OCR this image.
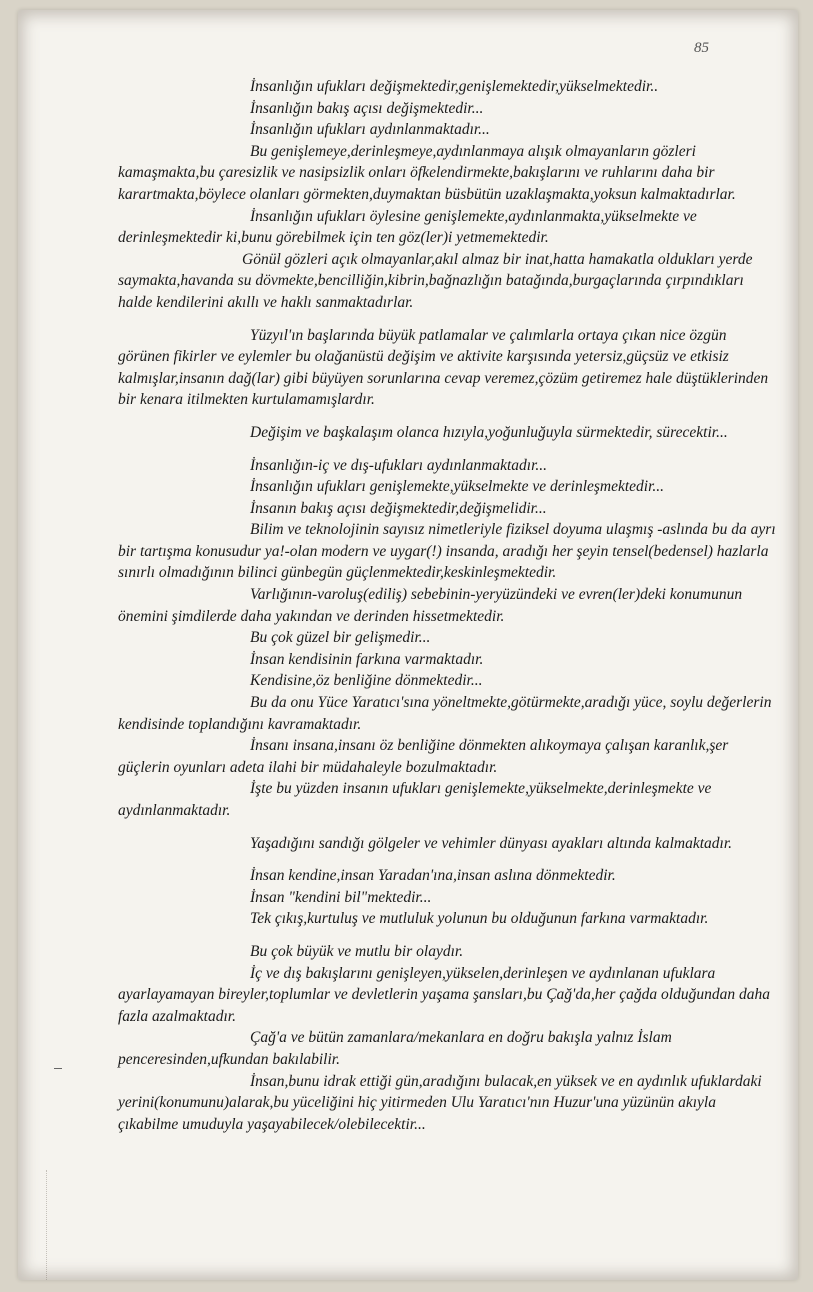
85

İnsanlığın ufukları değişmektedir,genişlemektedir,yükselmektedir..

İnsanlığın bakış açısı değişmektedir...

İnsanlığın ufukları aydınlanmaktadır...

Bu genişlemeye,derinleşmeye,aydınlanmaya alışık olmayanların gözleri kamaşmakta,bu çaresizlik ve nasipsizlik onları öfkelendirmekte,bakışlarını ve ruhlarını daha bir karartmakta,böylece olanları görmekten,duymaktan büsbütün uzaklaşmakta,yoksun kalmaktadırlar.

İnsanlığın ufukları öylesine genişlemekte,aydınlanmakta,yükselmekte ve derinleşmektedir ki,bunu görebilmek için ten göz(ler)i yetmemektedir.

Gönül gözleri açık olmayanlar,akıl almaz bir inat,hatta hamakatla oldukları yerde saymakta,havanda su dövmekte,bencilliğin,kibrin,bağnazlığın batağında,burgaçlarında çırpındıkları halde kendilerini akıllı ve haklı sanmaktadırlar.

Yüzyıl'ın başlarında büyük patlamalar ve çalımlarla ortaya çıkan nice özgün görünen fikirler ve eylemler bu olağanüstü değişim ve aktivite karşısında yetersiz,güçsüz ve etkisiz kalmışlar,insanın dağ(lar) gibi büyüyen sorunlarına cevap veremez,çözüm getiremez hale düştüklerinden bir kenara itilmekten kurtulamamışlardır.

Değişim ve başkalaşım olanca hızıyla,yoğunluğuyla sürmektedir, sürecektir...

İnsanlığın-iç ve dış-ufukları aydınlanmaktadır...

İnsanlığın ufukları genişlemekte,yükselmekte ve derinleşmektedir...

İnsanın bakış açısı değişmektedir,değişmelidir...

Bilim ve teknolojinin sayısız nimetleriyle fiziksel doyuma ulaşmış -aslında bu da ayrı bir tartışma konusudur ya!-olan modern ve uygar(!) insanda, aradığı her şeyin tensel(bedensel) hazlarla sınırlı olmadığının bilinci günbegün güçlenmektedir,keskinleşmektedir.

Varlığının-varoluş(ediliş) sebebinin-yeryüzündeki ve evren(ler)deki konumunun önemini şimdilerde daha yakından ve derinden hissetmektedir.

Bu çok güzel bir gelişmedir...

İnsan kendisinin farkına varmaktadır.

Kendisine,öz benliğine dönmektedir...

Bu da onu Yüce Yaratıcı'sına yöneltmekte,götürmekte,aradığı yüce, soylu değerlerin kendisinde toplandığını kavramaktadır.

İnsanı insana,insanı öz benliğine dönmekten alıkoymaya çalışan karanlık,şer güçlerin oyunları adeta ilahi bir müdahaleyle bozulmaktadır.

İşte bu yüzden insanın ufukları genişlemekte,yükselmekte,derinleşmekte ve aydınlanmaktadır.

Yaşadığını sandığı gölgeler ve vehimler dünyası ayakları altında kalmaktadır.

İnsan kendine,insan Yaradan'ına,insan aslına dönmektedir.

İnsan "kendini bil"mektedir...

Tek çıkış,kurtuluş ve mutluluk yolunun bu olduğunun farkına varmaktadır.

Bu çok büyük ve mutlu bir olaydır.

İç ve dış bakışlarını genişleyen,yükselen,derinleşen ve aydınlanan ufuklara ayarlayamayan bireyler,toplumlar ve devletlerin yaşama şansları,bu Çağ'da,her çağda olduğundan daha fazla azalmaktadır.

Çağ'a ve bütün zamanlara/mekanlara en doğru bakışla yalnız İslam penceresinden,ufkundan bakılabilir.

İnsan,bunu idrak ettiği gün,aradığını bulacak,en yüksek ve en aydınlık ufuklardaki yerini(konumunu)alarak,bu yüceliğini hiç yitirmeden Ulu Yaratıcı'nın Huzur'una yüzünün akıyla çıkabilme umuduyla yaşayabilecek/olebilecektir...
